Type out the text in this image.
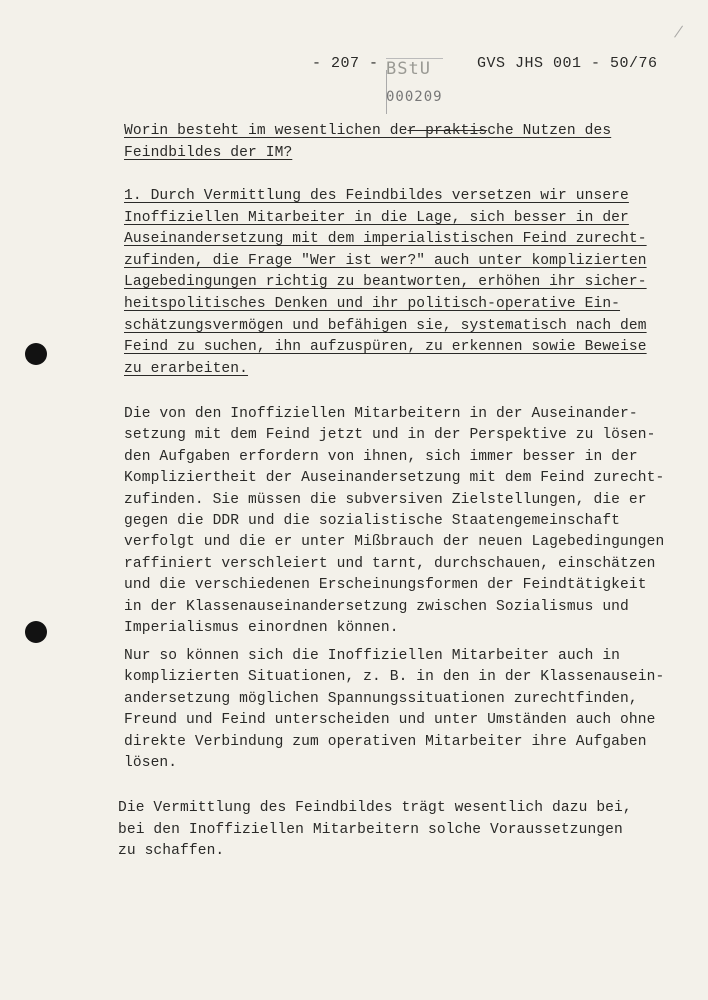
- 207 - BStU
000209
GVS JHS 001 - 50/76
Worin besteht im wesentlichen der praktische Nutzen des
Feindbildes der IM?
1. Durch Vermittlung des Feindbildes versetzen wir unsere
Inoffiziellen Mitarbeiter in die Lage, sich besser in der
Auseinandersetzung mit dem imperialistischen Feind zurecht-
zufinden, die Frage "Wer ist wer?" auch unter komplizierten
Lagebedingungen richtig zu beantworten, erhöhen ihr sicher-
heitspolitisches Denken und ihr politisch-operative Ein-
schätzungsvermögen und befähigen sie, systematisch nach dem
Feind zu suchen, ihn aufzuspüren, zu erkennen sowie Beweise
zu erarbeiten.
Die von den Inoffiziellen Mitarbeitern in der Auseinander-
setzung mit dem Feind jetzt und in der Perspektive zu lösen-
den Aufgaben erfordern von ihnen, sich immer besser in der
Kompliziertheit der Auseinandersetzung mit dem Feind zurecht-
zufinden. Sie müssen die subversiven Zielstellungen, die er
gegen die DDR und die sozialistische Staatengemeinschaft
verfolgt und die er unter Mißbrauch der neuen Lagebedingungen
raffiniert verschleiert und tarnt, durchschauen, einschätzen
und die verschiedenen Erscheinungsformen der Feindtätigkeit
in der Klassenauseinandersetzung zwischen Sozialismus und
Imperialismus einordnen können.
Nur so können sich die Inoffiziellen Mitarbeiter auch in
komplizierten Situationen, z. B. in den in der Klassenausein-
andersetzung möglichen Spannungssituationen zurechtfinden,
Freund und Feind unterscheiden und unter Umständen auch ohne
direkte Verbindung zum operativen Mitarbeiter ihre Aufgaben
lösen.
Die Vermittlung des Feindbildes trägt wesentlich dazu bei,
bei den Inoffiziellen Mitarbeitern solche Voraussetzungen
zu schaffen.
